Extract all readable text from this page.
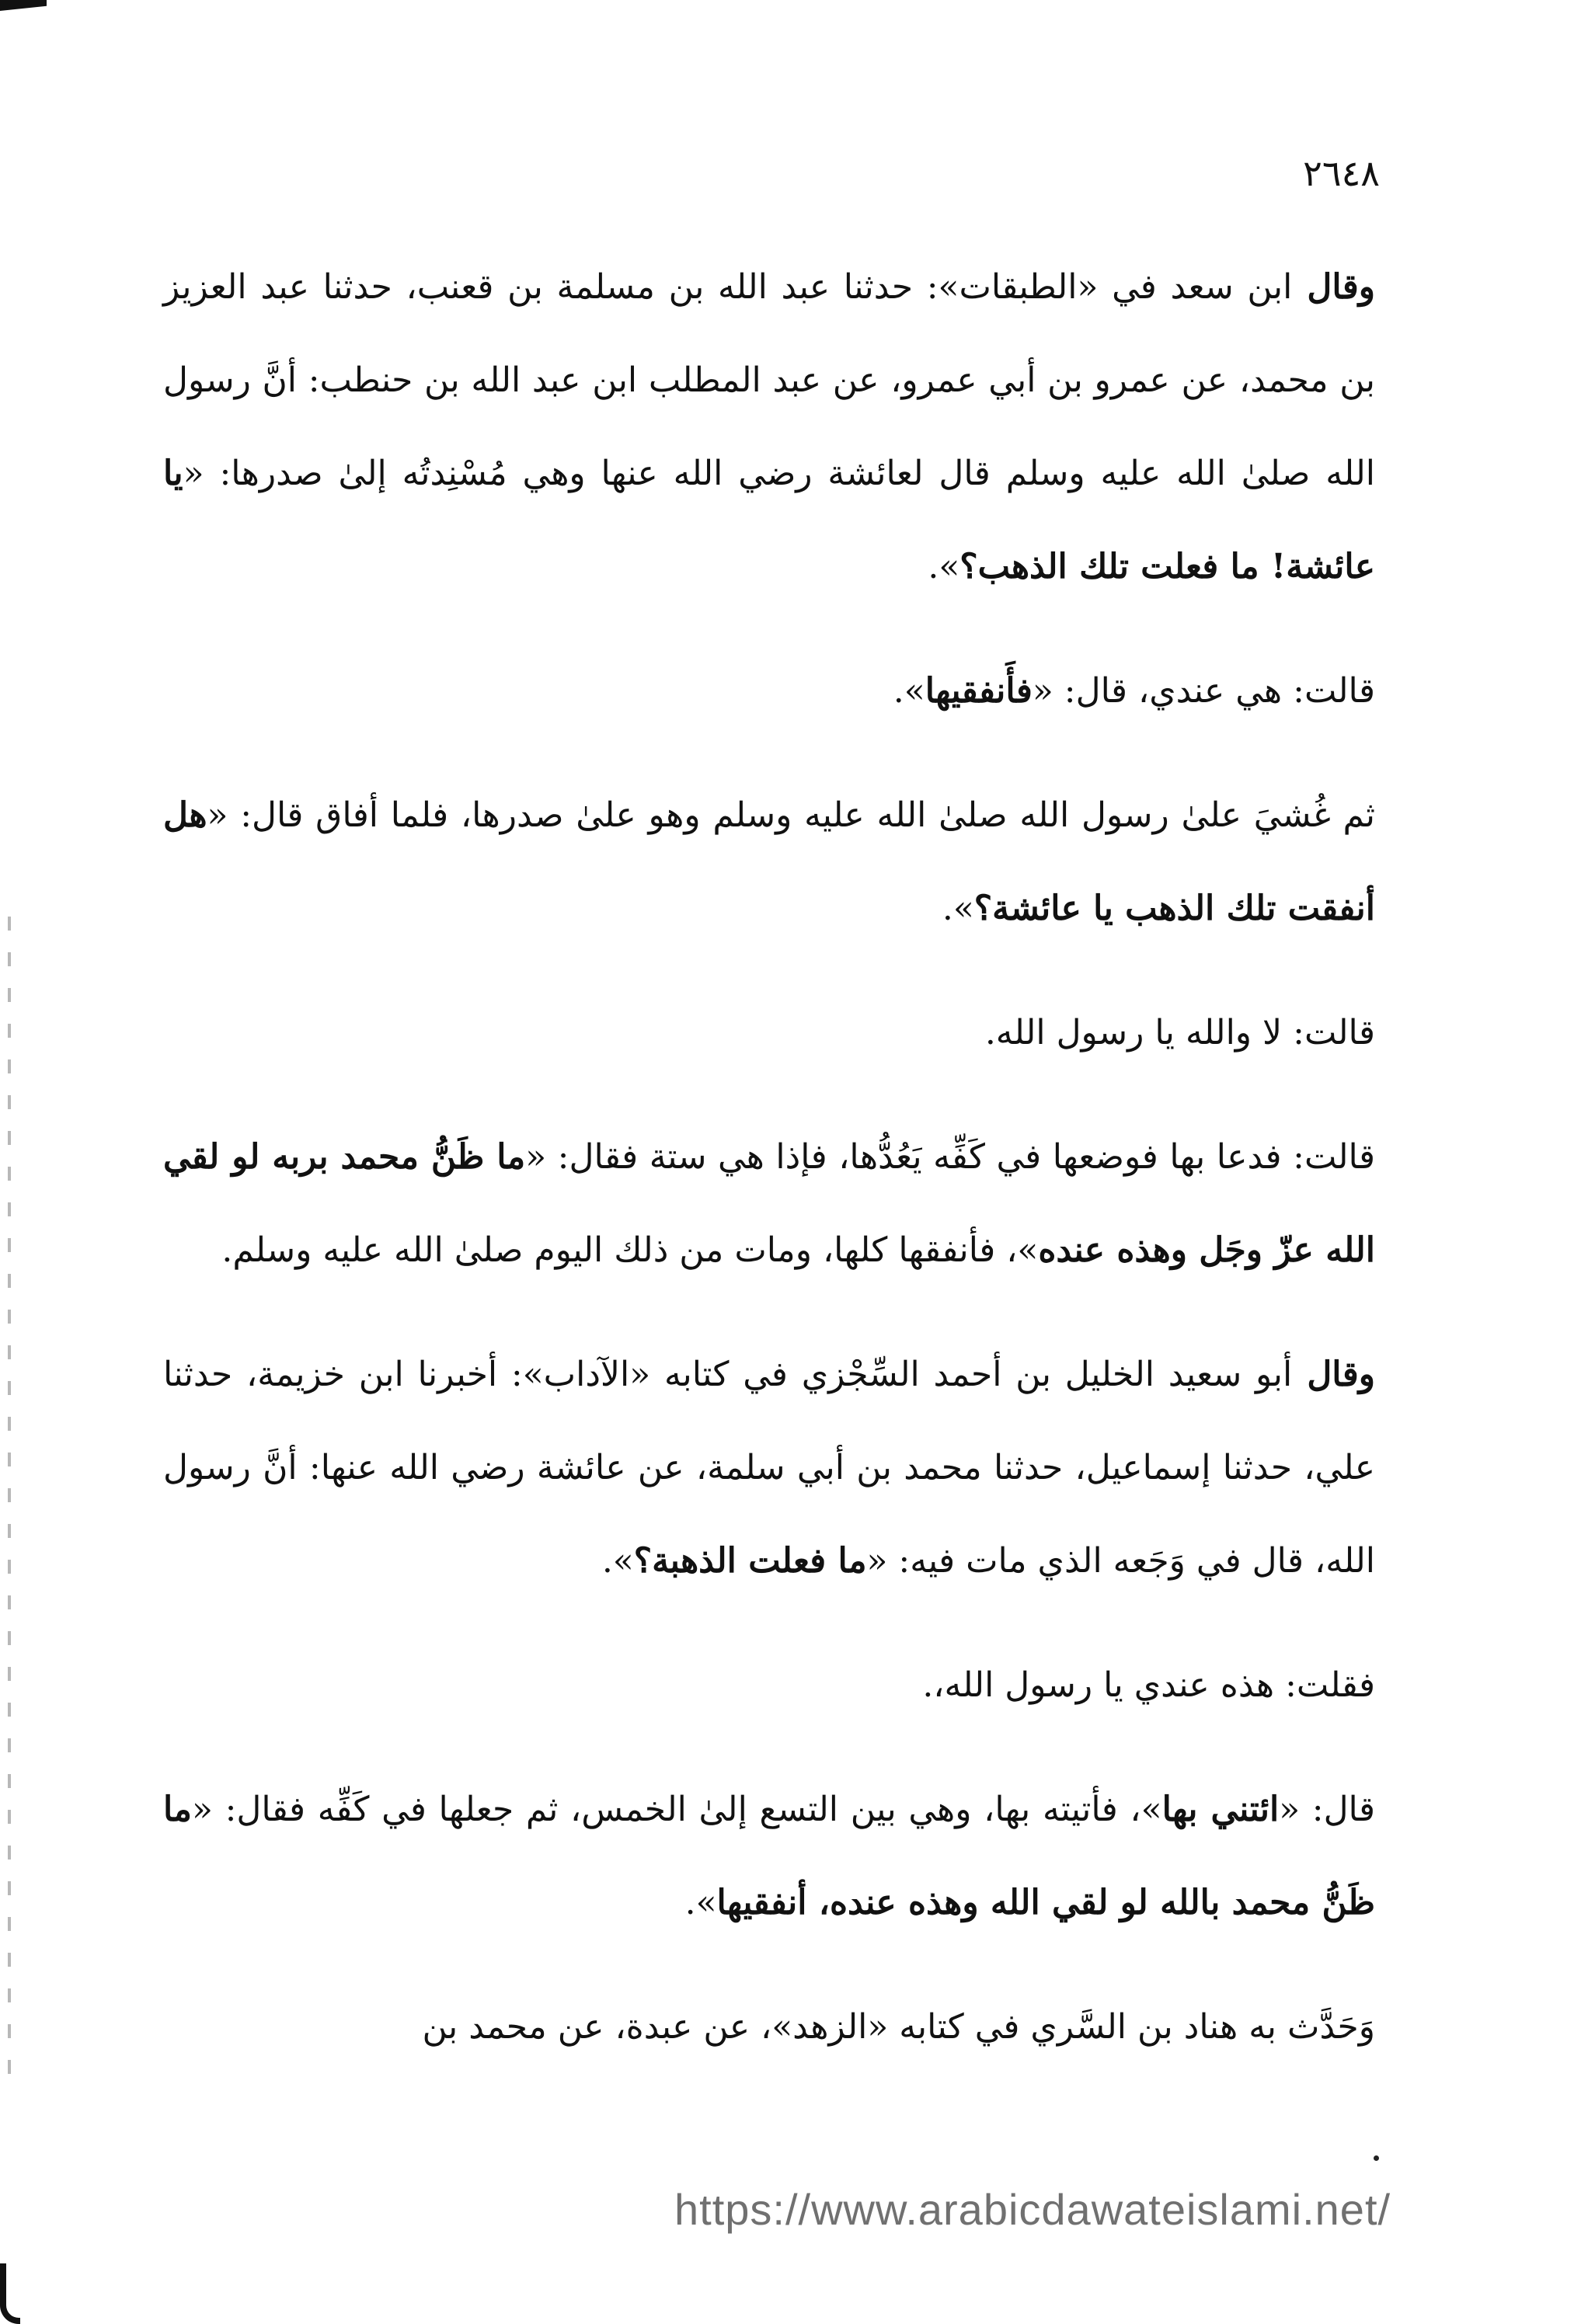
٢٦٤٨

وقال ابن سعد في «الطبقات»: حدثنا عبد الله بن مسلمة بن قعنب، حدثنا عبد العزيز بن محمد، عن عمرو بن أبي عمرو، عن عبد المطلب ابن عبد الله بن حنطب: أنَّ رسول الله صلىٰ الله عليه وسلم قال لعائشة رضي الله عنها وهي مُسْنِدتُه إلىٰ صدرها: «يا عائشة! ما فعلت تلك الذهب؟».

قالت: هي عندي، قال: «فأَنفقيها».

ثم غُشيَ علىٰ رسول الله صلىٰ الله عليه وسلم وهو علىٰ صدرها، فلما أفاق قال: «هل أنفقت تلك الذهب يا عائشة؟».

قالت: لا والله يا رسول الله.

قالت: فدعا بها فوضعها في كَفِّه يَعُدُّها، فإذا هي ستة فقال: «ما ظَنُّ محمد بربه لو لقي الله عزّ وجَل وهذه عنده»، فأنفقها كلها، ومات من ذلك اليوم صلىٰ الله عليه وسلم.

وقال أبو سعيد الخليل بن أحمد السِّجْزي في كتابه «الآداب»: أخبرنا ابن خزيمة، حدثنا علي، حدثنا إسماعيل، حدثنا محمد بن أبي سلمة، عن عائشة رضي الله عنها: أنَّ رسول الله، قال في وَجَعه الذي مات فيه: «ما فعلت الذهبة؟».

فقلت: هذه عندي يا رسول الله،.

قال: «ائتني بها»، فأتيته بها، وهي بين التسع إلىٰ الخمس، ثم جعلها في كَفِّه فقال: «ما ظَنُّ محمد بالله لو لقي الله وهذه عنده، أنفقيها».

وَحَدَّث به هناد بن السَّري في كتابه «الزهد»، عن عبدة، عن محمد بن

https://www.arabicdawateislami.net/
